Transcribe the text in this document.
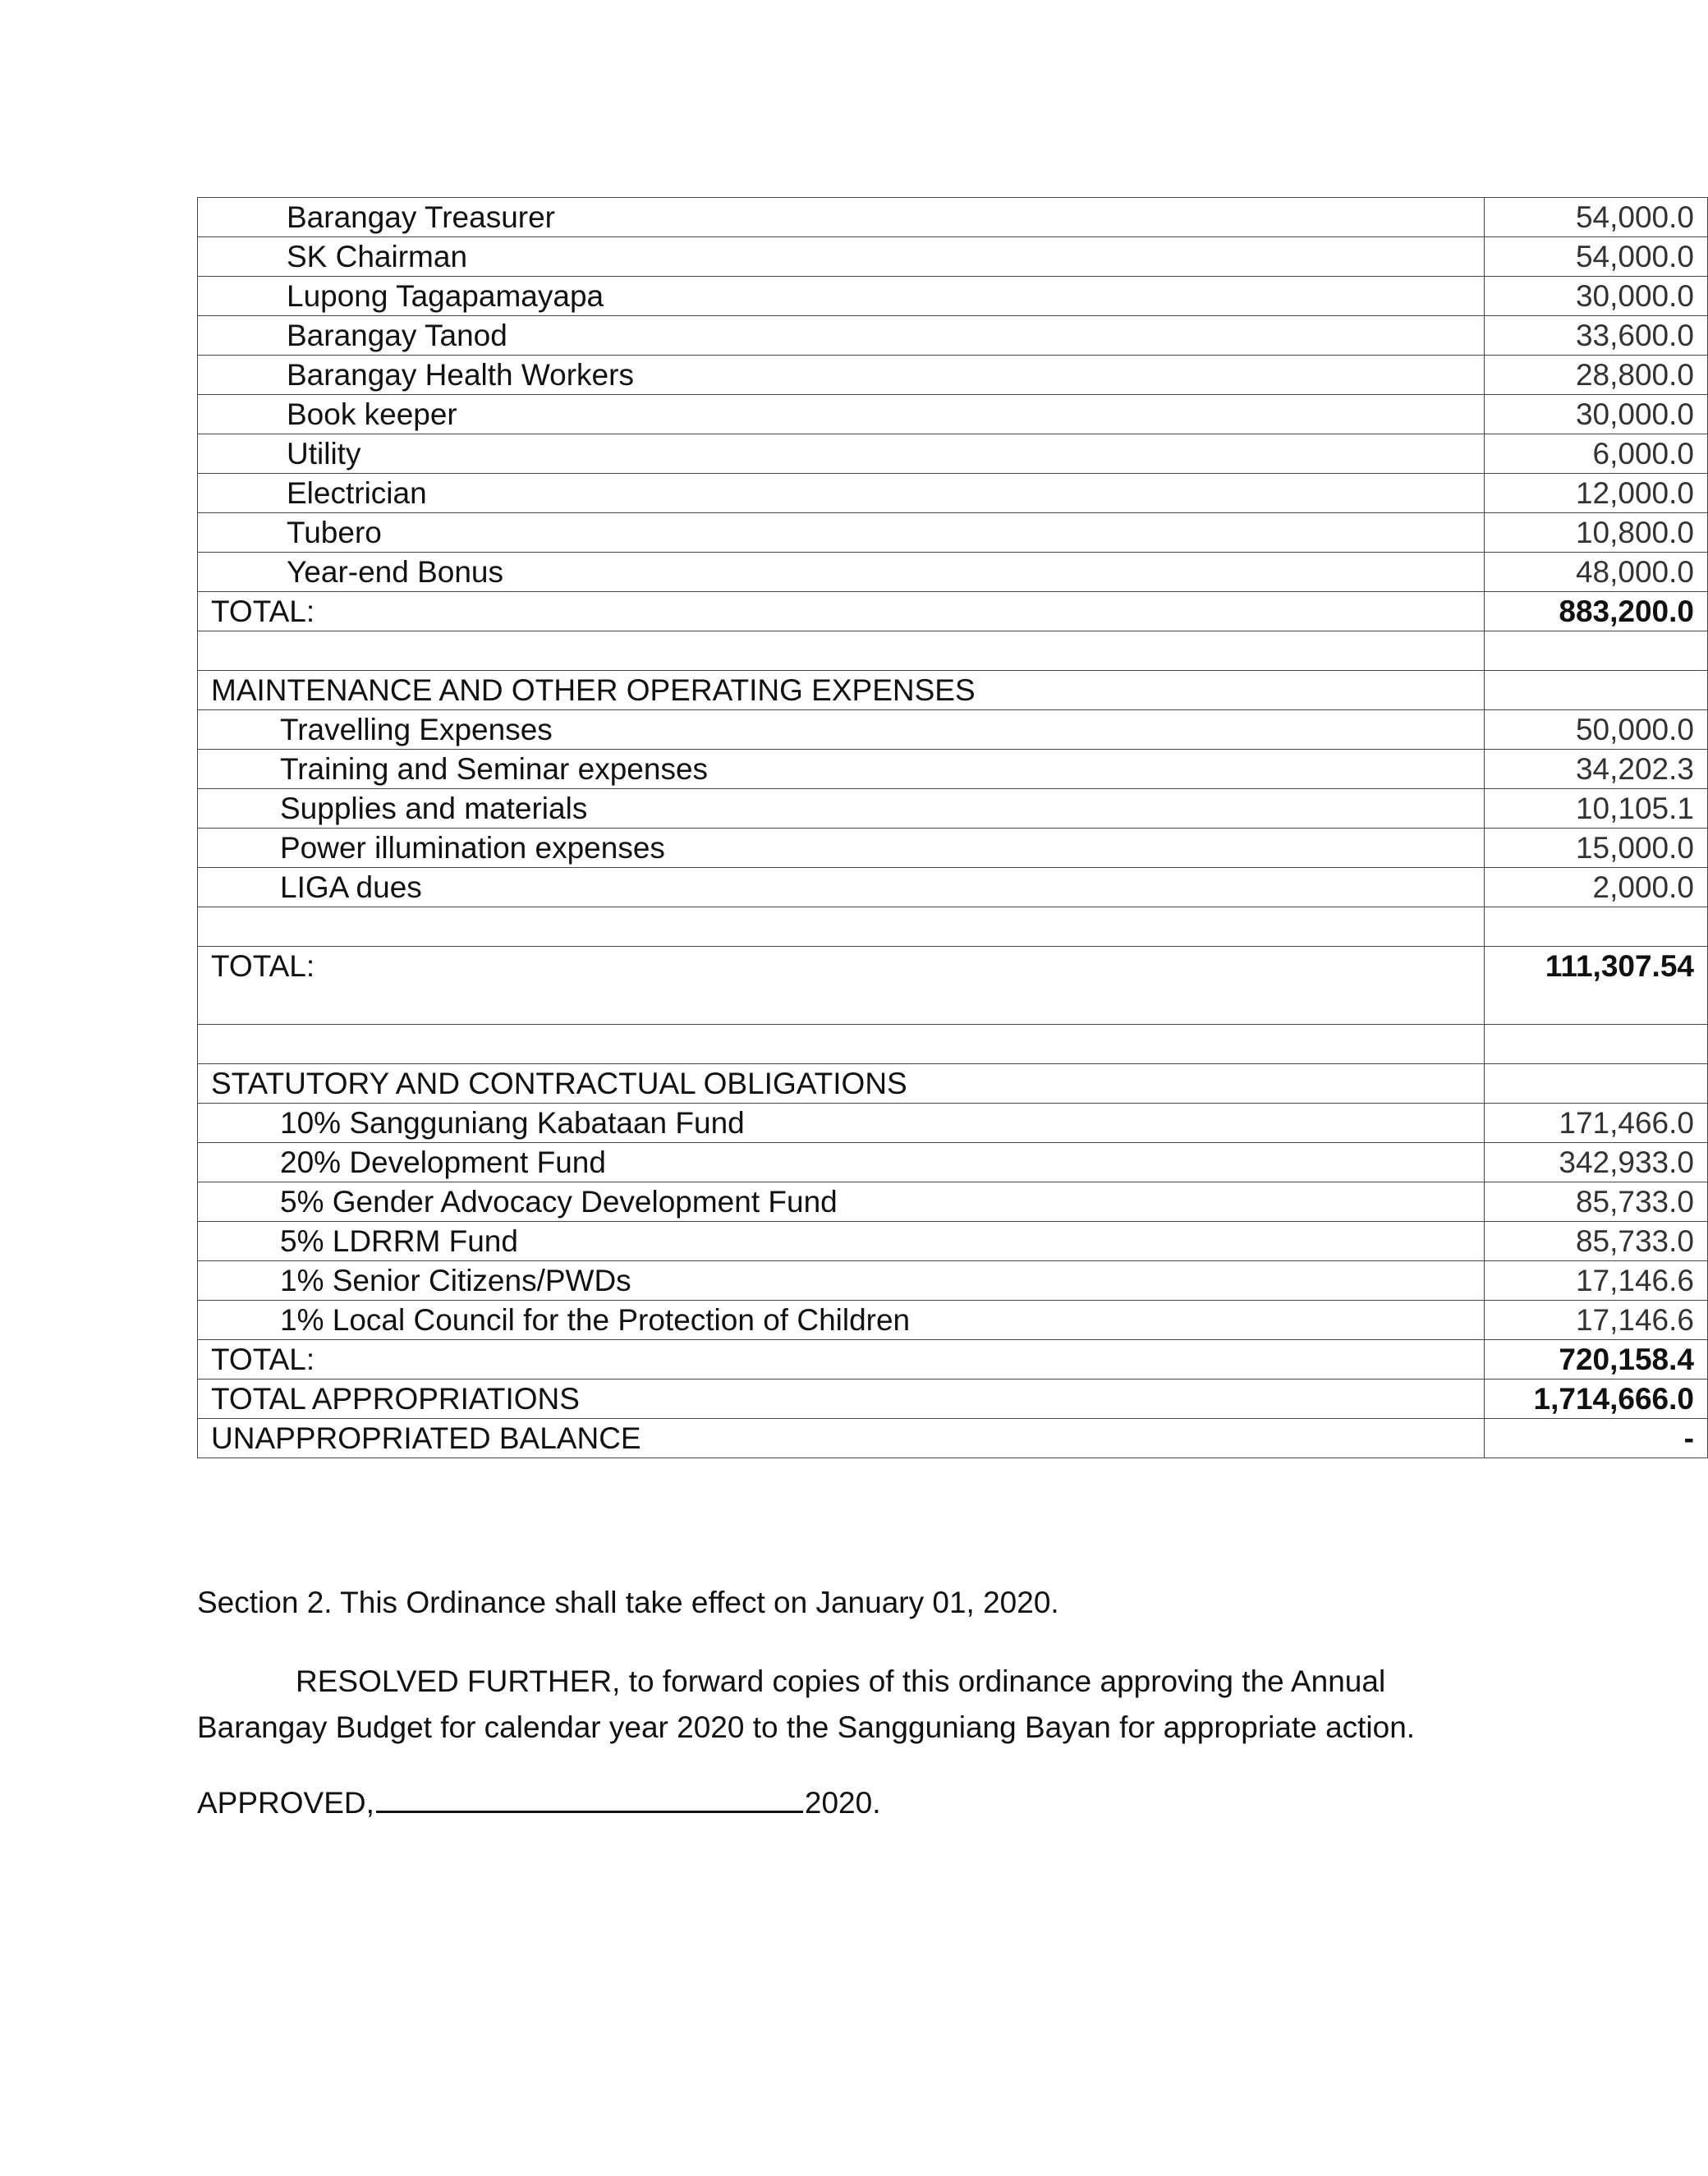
Barangay Treasurer	54,000.0
SK Chairman	54,000.0
Lupong Tagapamayapa	30,000.0
Barangay Tanod	33,600.0
Barangay Health Workers	28,800.0
Book keeper	30,000.0
Utility	6,000.0
Electrician	12,000.0
Tubero	10,800.0
Year-end Bonus	48,000.0
TOTAL:	883,200.0

MAINTENANCE AND OTHER OPERATING EXPENSES	
Travelling Expenses	50,000.0
Training and Seminar expenses	34,202.3
Supplies and materials	10,105.1
Power illumination expenses	15,000.0
LIGA dues	2,000.0

TOTAL:	111,307.54

STATUTORY AND CONTRACTUAL OBLIGATIONS	
10% Sangguniang Kabataan Fund	171,466.0
20% Development Fund	342,933.0
5% Gender Advocacy Development Fund	85,733.0
5% LDRRM Fund	85,733.0
1% Senior Citizens/PWDs	17,146.6
1% Local Council for the Protection of Children	17,146.6
TOTAL:	720,158.4
TOTAL APPROPRIATIONS	1,714,666.0
UNAPPROPRIATED BALANCE	-
Section 2. This Ordinance shall take effect on January 01, 2020.
RESOLVED FURTHER, to forward copies of this ordinance approving the Annual Barangay Budget for calendar year 2020 to the Sangguniang Bayan for appropriate action.
APPROVED,	2020.
